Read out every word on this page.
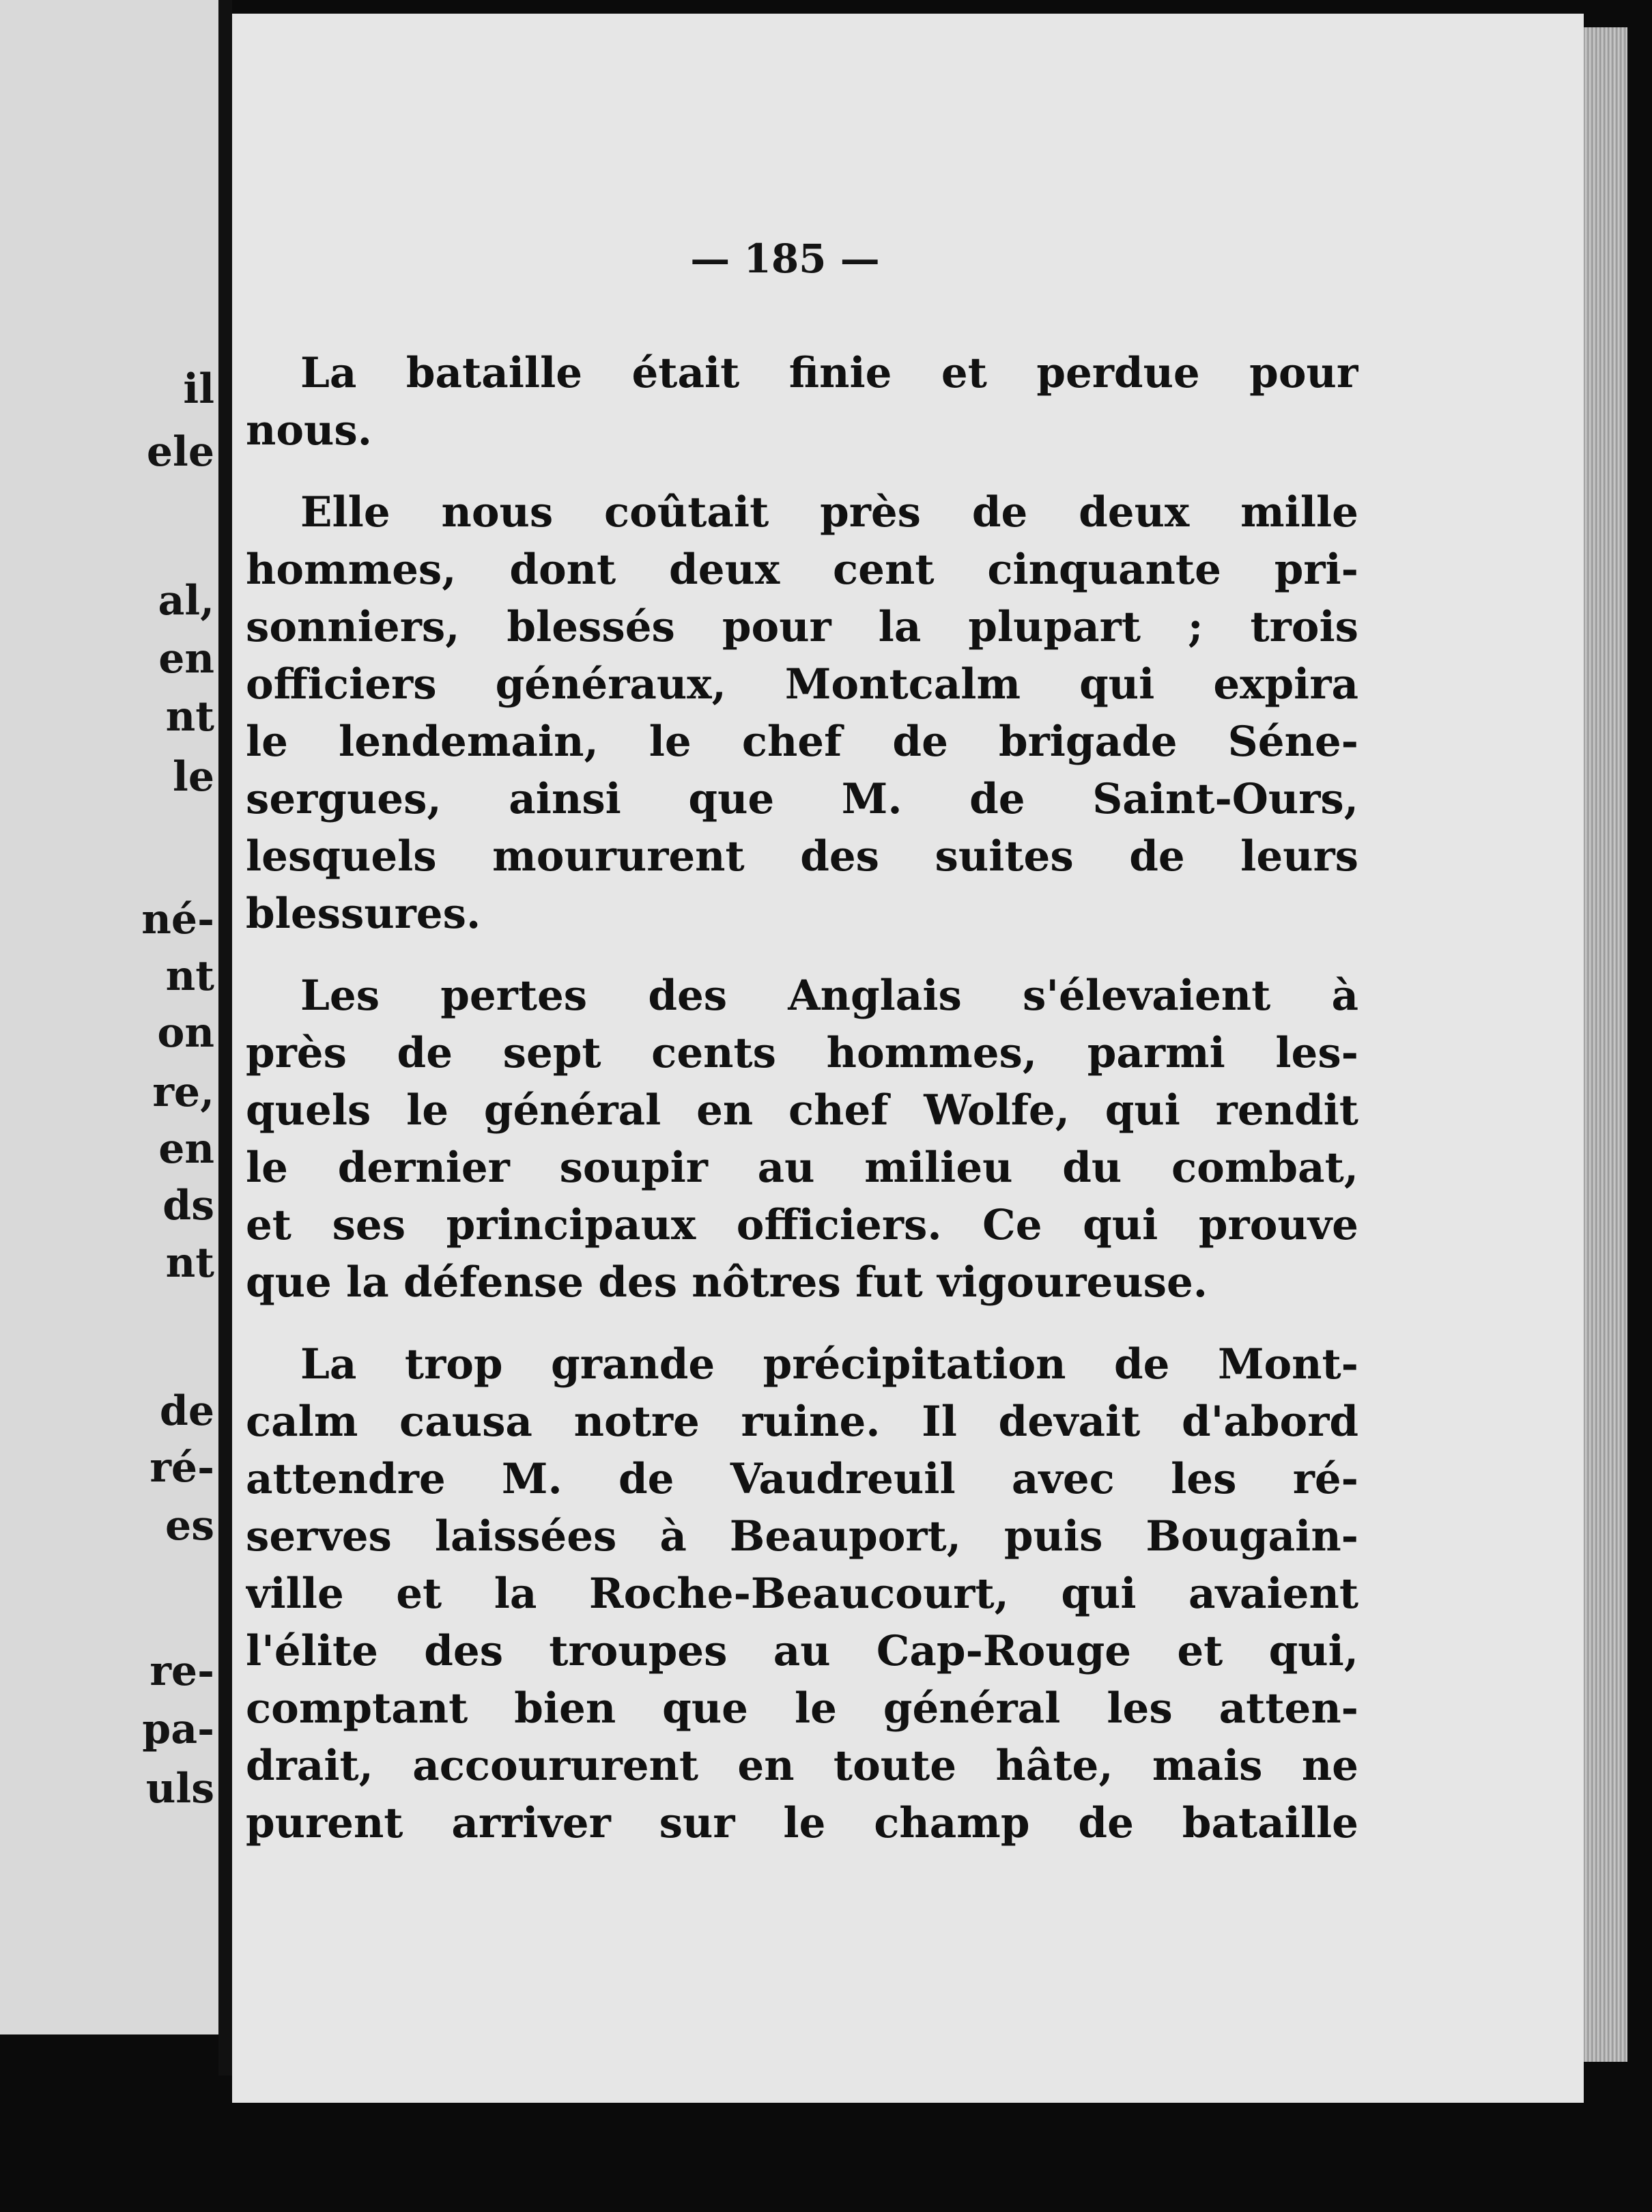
il

ele

al,

en

nt

le

né-

nt

on

re,

en

ds

nt

de

ré-

es

re-

pa-

uls

— 185 —

La bataille était finie et perdue pour
nous.
Elle nous coûtait près de deux mille
hommes, dont deux cent cinquante pri-
sonniers, blessés pour la plupart ; trois
officiers généraux, Montcalm qui expira
le lendemain, le chef de brigade Séne-
sergues, ainsi que M. de Saint-Ours,
lesquels moururent des suites de leurs
blessures.
Les pertes des Anglais s'élevaient à
près de sept cents hommes, parmi les-
quels le général en chef Wolfe, qui rendit
le dernier soupir au milieu du combat,
et ses principaux officiers. Ce qui prouve
que la défense des nôtres fut vigoureuse.
La trop grande précipitation de Mont-
calm causa notre ruine. Il devait d'abord
attendre M. de Vaudreuil avec les ré-
serves laissées à Beauport, puis Bougain-
ville et la Roche-Beaucourt, qui avaient
l'élite des troupes au Cap-Rouge et qui,
comptant bien que le général les atten-
drait, accoururent en toute hâte, mais ne
purent arriver sur le champ de bataille
